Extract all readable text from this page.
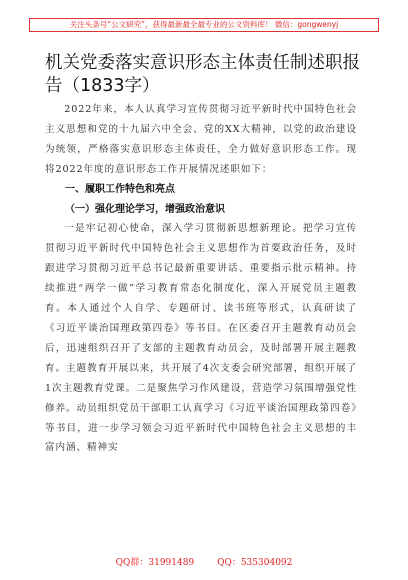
关注头条号“公文研究”，获得最新最全最专业的公文资料库！ 微信：gongwenyj
机关党委落实意识形态主体责任制述职报告（1833字）

2022年来，本人认真学习宣传贯彻习近平新时代中国特色社会主义思想和党的十九届六中全会、党的XX大精神，以党的政治建设为统领，严格落实意识形态主体责任，全力做好意识形态工作。现将2022年度的意识形态工作开展情况述职如下：

一、履职工作特色和亮点

（一）强化理论学习，增强政治意识

一是牢记初心使命，深入学习贯彻新思想新理论。把学习宣传贯彻习近平新时代中国特色社会主义思想作为首要政治任务，及时跟进学习贯彻习近平总书记最新重要讲话、重要指示批示精神。持续推进“两学一做”学习教育常态化制度化，深入开展党员主题教育。本人通过个人自学、专题研讨、读书班等形式，认真研读了《习近平谈治国理政第四卷》等书目。在区委召开主题教育动员会后，迅速组织召开了支部的主题教育动员会，及时部署开展主题教育。主题教育开展以来，共开展了4次支委会研究部署，组织开展了1次主题教育党课。二是聚焦学习作风建设，营造学习氛围增强党性修养。动员组织党员干部职工认真学习《习近平谈治国理政第四卷》等书目，进一步学习领会习近平新时代中国特色社会主义思想的丰富内涵、精神实

QQ群：31991489	QQ：535304092
